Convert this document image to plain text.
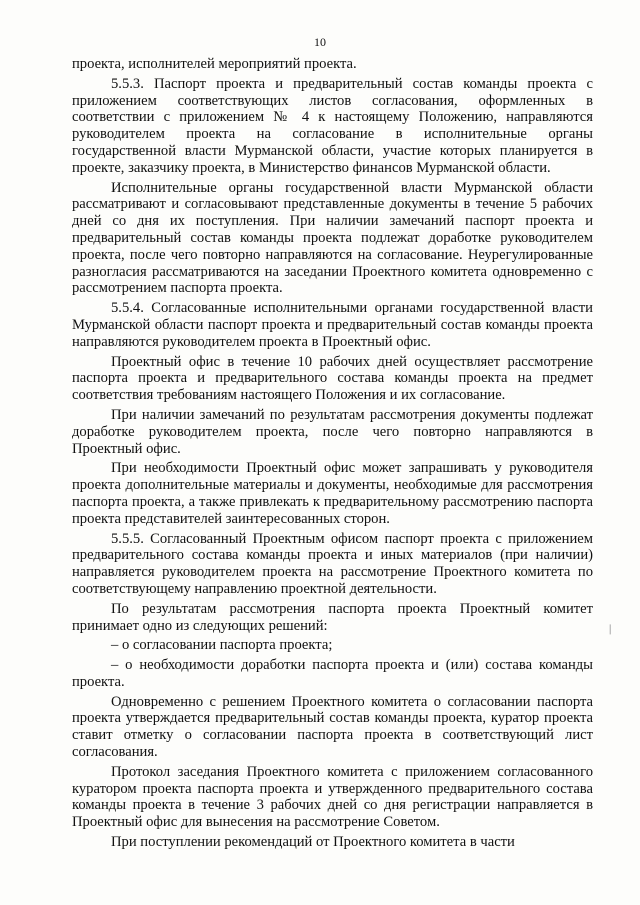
10

проекта, исполнителей мероприятий проекта.

5.5.3. Паспорт проекта и предварительный состав команды проекта с приложением соответствующих листов согласования, оформленных в соответствии с приложением № 4 к настоящему Положению, направляются руководителем проекта на согласование в исполнительные органы государственной власти Мурманской области, участие которых планируется в проекте, заказчику проекта, в Министерство финансов Мурманской области.

Исполнительные органы государственной власти Мурманской области рассматривают и согласовывают представленные документы в течение 5 рабочих дней со дня их поступления. При наличии замечаний паспорт проекта и предварительный состав команды проекта подлежат доработке руководителем проекта, после чего повторно направляются на согласование. Неурегулированные разногласия рассматриваются на заседании Проектного комитета одновременно с рассмотрением паспорта проекта.

5.5.4. Согласованные исполнительными органами государственной власти Мурманской области паспорт проекта и предварительный состав команды проекта направляются руководителем проекта в Проектный офис.

Проектный офис в течение 10 рабочих дней осуществляет рассмотрение паспорта проекта и предварительного состава команды проекта на предмет соответствия требованиям настоящего Положения и их согласование.

При наличии замечаний по результатам рассмотрения документы подлежат доработке руководителем проекта, после чего повторно направляются в Проектный офис.

При необходимости Проектный офис может запрашивать у руководителя проекта дополнительные материалы и документы, необходимые для рассмотрения паспорта проекта, а также привлекать к предварительному рассмотрению паспорта проекта представителей заинтересованных сторон.

5.5.5. Согласованный Проектным офисом паспорт проекта с приложением предварительного состава команды проекта и иных материалов (при наличии) направляется руководителем проекта на рассмотрение Проектного комитета по соответствующему направлению проектной деятельности.

По результатам рассмотрения паспорта проекта Проектный комитет принимает одно из следующих решений:

– о согласовании паспорта проекта;

– о необходимости доработки паспорта проекта и (или) состава команды проекта.

Одновременно с решением Проектного комитета о согласовании паспорта проекта утверждается предварительный состав команды проекта, куратор проекта ставит отметку о согласовании паспорта проекта в соответствующий лист согласования.

Протокол заседания Проектного комитета с приложением согласованного куратором проекта паспорта проекта и утвержденного предварительного состава команды проекта в течение 3 рабочих дней со дня регистрации направляется в Проектный офис для вынесения на рассмотрение Советом.

При поступлении рекомендаций от Проектного комитета в части

❘
